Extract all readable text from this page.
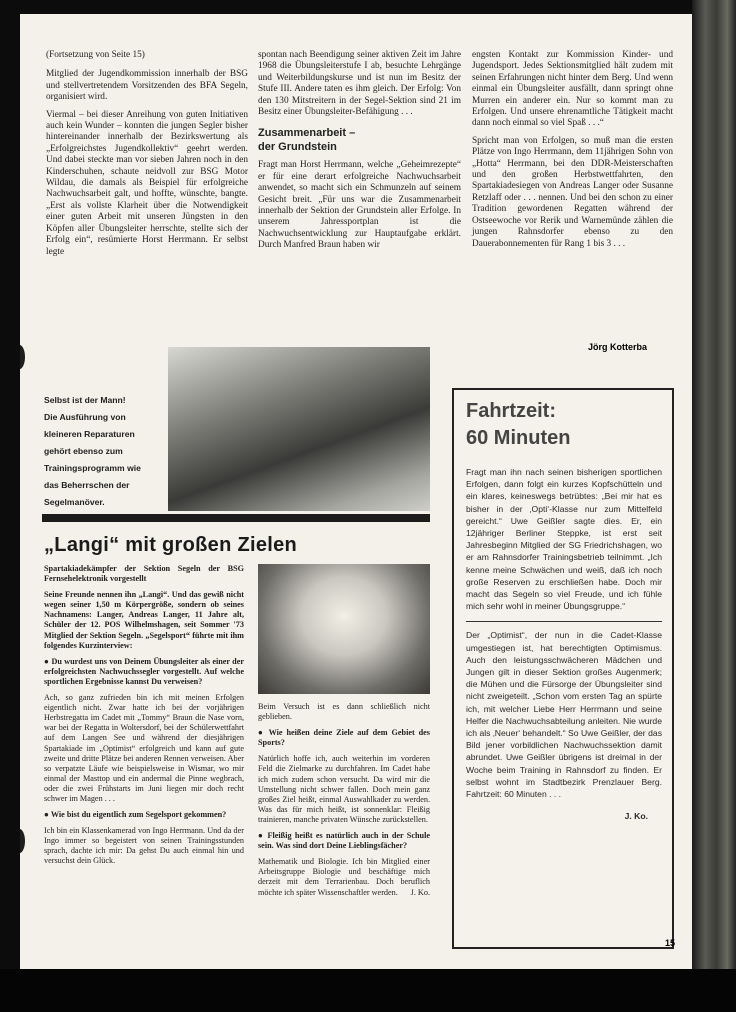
(Fortsetzung von Seite 15)

Mitglied der Jugendkommission innerhalb der BSG und stellvertretendem Vorsitzenden des BFA Segeln, organisiert wird.

Viermal – bei dieser Anreihung von guten Initiativen auch kein Wunder – konnten die jungen Segler bisher hintereinander innerhalb der Bezirkswertung als „Erfolgreichstes Jugendkollektiv“ geehrt werden. Und dabei steckte man vor sieben Jahren noch in den Kinderschuhen, schaute neidvoll zur BSG Motor Wildau, die damals als Beispiel für erfolgreiche Nachwuchsarbeit galt, und hoffte, wünschte, bangte. „Erst als vollste Klarheit über die Notwendigkeit einer guten Arbeit mit unseren Jüngsten in den Köpfen aller Übungsleiter herrschte, stellte sich der Erfolg ein“, resümierte Horst Herrmann. Er selbst legte

spontan nach Beendigung seiner aktiven Zeit im Jahre 1968 die Übungsleiterstufe I ab, besuchte Lehrgänge und Weiterbildungskurse und ist nun im Besitz der Stufe III. Andere taten es ihm gleich. Der Erfolg: Von den 130 Mitstreitern in der Segel-Sektion sind 21 im Besitz einer Übungsleiter-Befähigung . . .

Zusammenarbeit –
der Grundstein

Fragt man Horst Herrmann, welche „Geheimrezepte“ er für eine derart erfolgreiche Nachwuchsarbeit anwendet, so macht sich ein Schmunzeln auf seinem Gesicht breit. „Für uns war die Zusammenarbeit innerhalb der Sektion der Grundstein aller Erfolge. In unserem Jahressportplan ist die Nachwuchsentwicklung zur Hauptaufgabe erklärt. Durch Manfred Braun haben wir

engsten Kontakt zur Kommission Kinder- und Jugendsport. Jedes Sektionsmitglied hält zudem mit seinen Erfahrungen nicht hinter dem Berg. Und wenn einmal ein Übungsleiter ausfällt, dann springt ohne Murren ein anderer ein. Nur so kommt man zu Erfolgen. Und unsere ehrenamtliche Tätigkeit macht dann noch einmal so viel Spaß . . .“

Spricht man von Erfolgen, so muß man die ersten Plätze von Ingo Herrmann, dem 11jährigen Sohn von „Hotta“ Herrmann, bei den DDR-Meisterschaften und den großen Herbstwettfahrten, den Spartakiadesiegen von Andreas Langer oder Susanne Retzlaff oder . . . nennen. Und bei den schon zu einer Tradition gewordenen Regatten während der Ostseewoche vor Rerik und Warnemünde zählen die jungen Rahnsdorfer ebenso zu den Dauerabonnementen für Rang 1 bis 3 . . .

Jörg Kotterba
Selbst ist der Mann!
Die Ausführung von
kleineren Reparaturen
gehört ebenso zum
Trainingsprogramm wie
das Beherrschen der
Segelmanöver.
„Langi“ mit großen Zielen

Spartakiadekämpfer der Sektion Segeln der BSG Fernsehelektronik vorgestellt

Seine Freunde nennen ihn „Langi“. Und das gewiß nicht wegen seiner 1,50 m Körpergröße, sondern ob seines Nachnamens: Langer, Andreas Langer, 11 Jahre alt, Schüler der 12. POS Wilhelmshagen, seit Sommer '73 Mitglied der Sektion Segeln. „Segelsport“ führte mit ihm folgendes Kurzinterview:

● Du wurdest uns von Deinem Übungsleiter als einer der erfolgreichsten Nachwuchssegler vorgestellt. Auf welche sportlichen Ergebnisse kannst Du verweisen?

Ach, so ganz zufrieden bin ich mit meinen Erfolgen eigentlich nicht. Zwar hatte ich bei der vorjährigen Herbstregatta im Cadet mit „Tommy“ Braun die Nase vorn, war bei der Regatta in Woltersdorf, bei der Schülerwettfahrt auf dem Langen See und während der diesjährigen Spartakiade im „Optimist“ erfolgreich und kann auf gute zweite und dritte Plätze bei anderen Rennen verweisen. Aber so verpatzte Läufe wie beispielsweise in Wismar, wo mir einmal der Masttop und ein andermal die Pinne wegbrach, oder die zwei Frühstarts im Juni liegen mir doch recht schwer im Magen . . .

● Wie bist du eigentlich zum Segelsport gekommen?

Ich bin ein Klassenkamerad von Ingo Herrmann. Und da der Ingo immer so begeistert von seinen Trainingsstunden sprach, dachte ich mir: Da gehst Du auch einmal hin und versuchst dein Glück.

Beim Versuch ist es dann schließlich nicht geblieben.

● Wie heißen deine Ziele auf dem Gebiet des Sports?

Natürlich hoffe ich, auch weiterhin im vorderen Feld die Zielmarke zu durchfahren. Im Cadet habe ich mich zudem schon versucht. Da wird mir die Umstellung nicht schwer fallen. Doch mein ganz großes Ziel heißt, einmal Auswahlkader zu werden. Was das für mich heißt, ist sonnenklar: Fleißig trainieren, manche privaten Wünsche zurückstellen.

● Fleißig heißt es natürlich auch in der Schule sein. Was sind dort Deine Lieblingsfächer?

Mathematik und Biologie. Ich bin Mitglied einer Arbeitsgruppe Biologie und beschäftige mich derzeit mit dem Terrarienbau. Doch beruflich möchte ich später Wissenschaftler werden. J. Ko.

Fahrtzeit:
60 Minuten
Fragt man ihn nach seinen bisherigen sportlichen Erfolgen, dann folgt ein kurzes Kopfschütteln und ein klares, keineswegs betrübtes: „Bei mir hat es bisher in der ‚Opti‘-Klasse nur zum Mittelfeld gereicht.“ Uwe Geißler sagte dies. Er, ein 12jähriger Berliner Steppke, ist erst seit Jahresbeginn Mitglied der SG Friedrichshagen, wo er am Rahnsdorfer Trainingsbetrieb teilnimmt. „Ich kenne meine Schwächen und weiß, daß ich noch große Reserven zu erschließen habe. Doch mir macht das Segeln so viel Freude, und ich fühle mich sehr wohl in meiner Übungsgruppe.“
Der „Optimist“, der nun in die Cadet-Klasse umgestiegen ist, hat berechtigten Optimismus. Auch den leistungsschwächeren Mädchen und Jungen gilt in dieser Sektion großes Augenmerk; die Mühen und die Fürsorge der Übungsleiter sind nicht zweigeteilt. „Schon vom ersten Tag an spürte ich, mit welcher Liebe Herr Herrmann und seine Helfer die Nachwuchsabteilung anleiten. Nie wurde ich als ‚Neuer‘ behandelt.“ So Uwe Geißler, der das Bild jener vorbildlichen Nachwuchssektion damit abrundet. Uwe Geißler übrigens ist dreimal in der Woche beim Training in Rahnsdorf zu finden. Er selbst wohnt im Stadtbezirk Prenzlauer Berg. Fahrtzeit: 60 Minuten . . .
J. Ko.
15
